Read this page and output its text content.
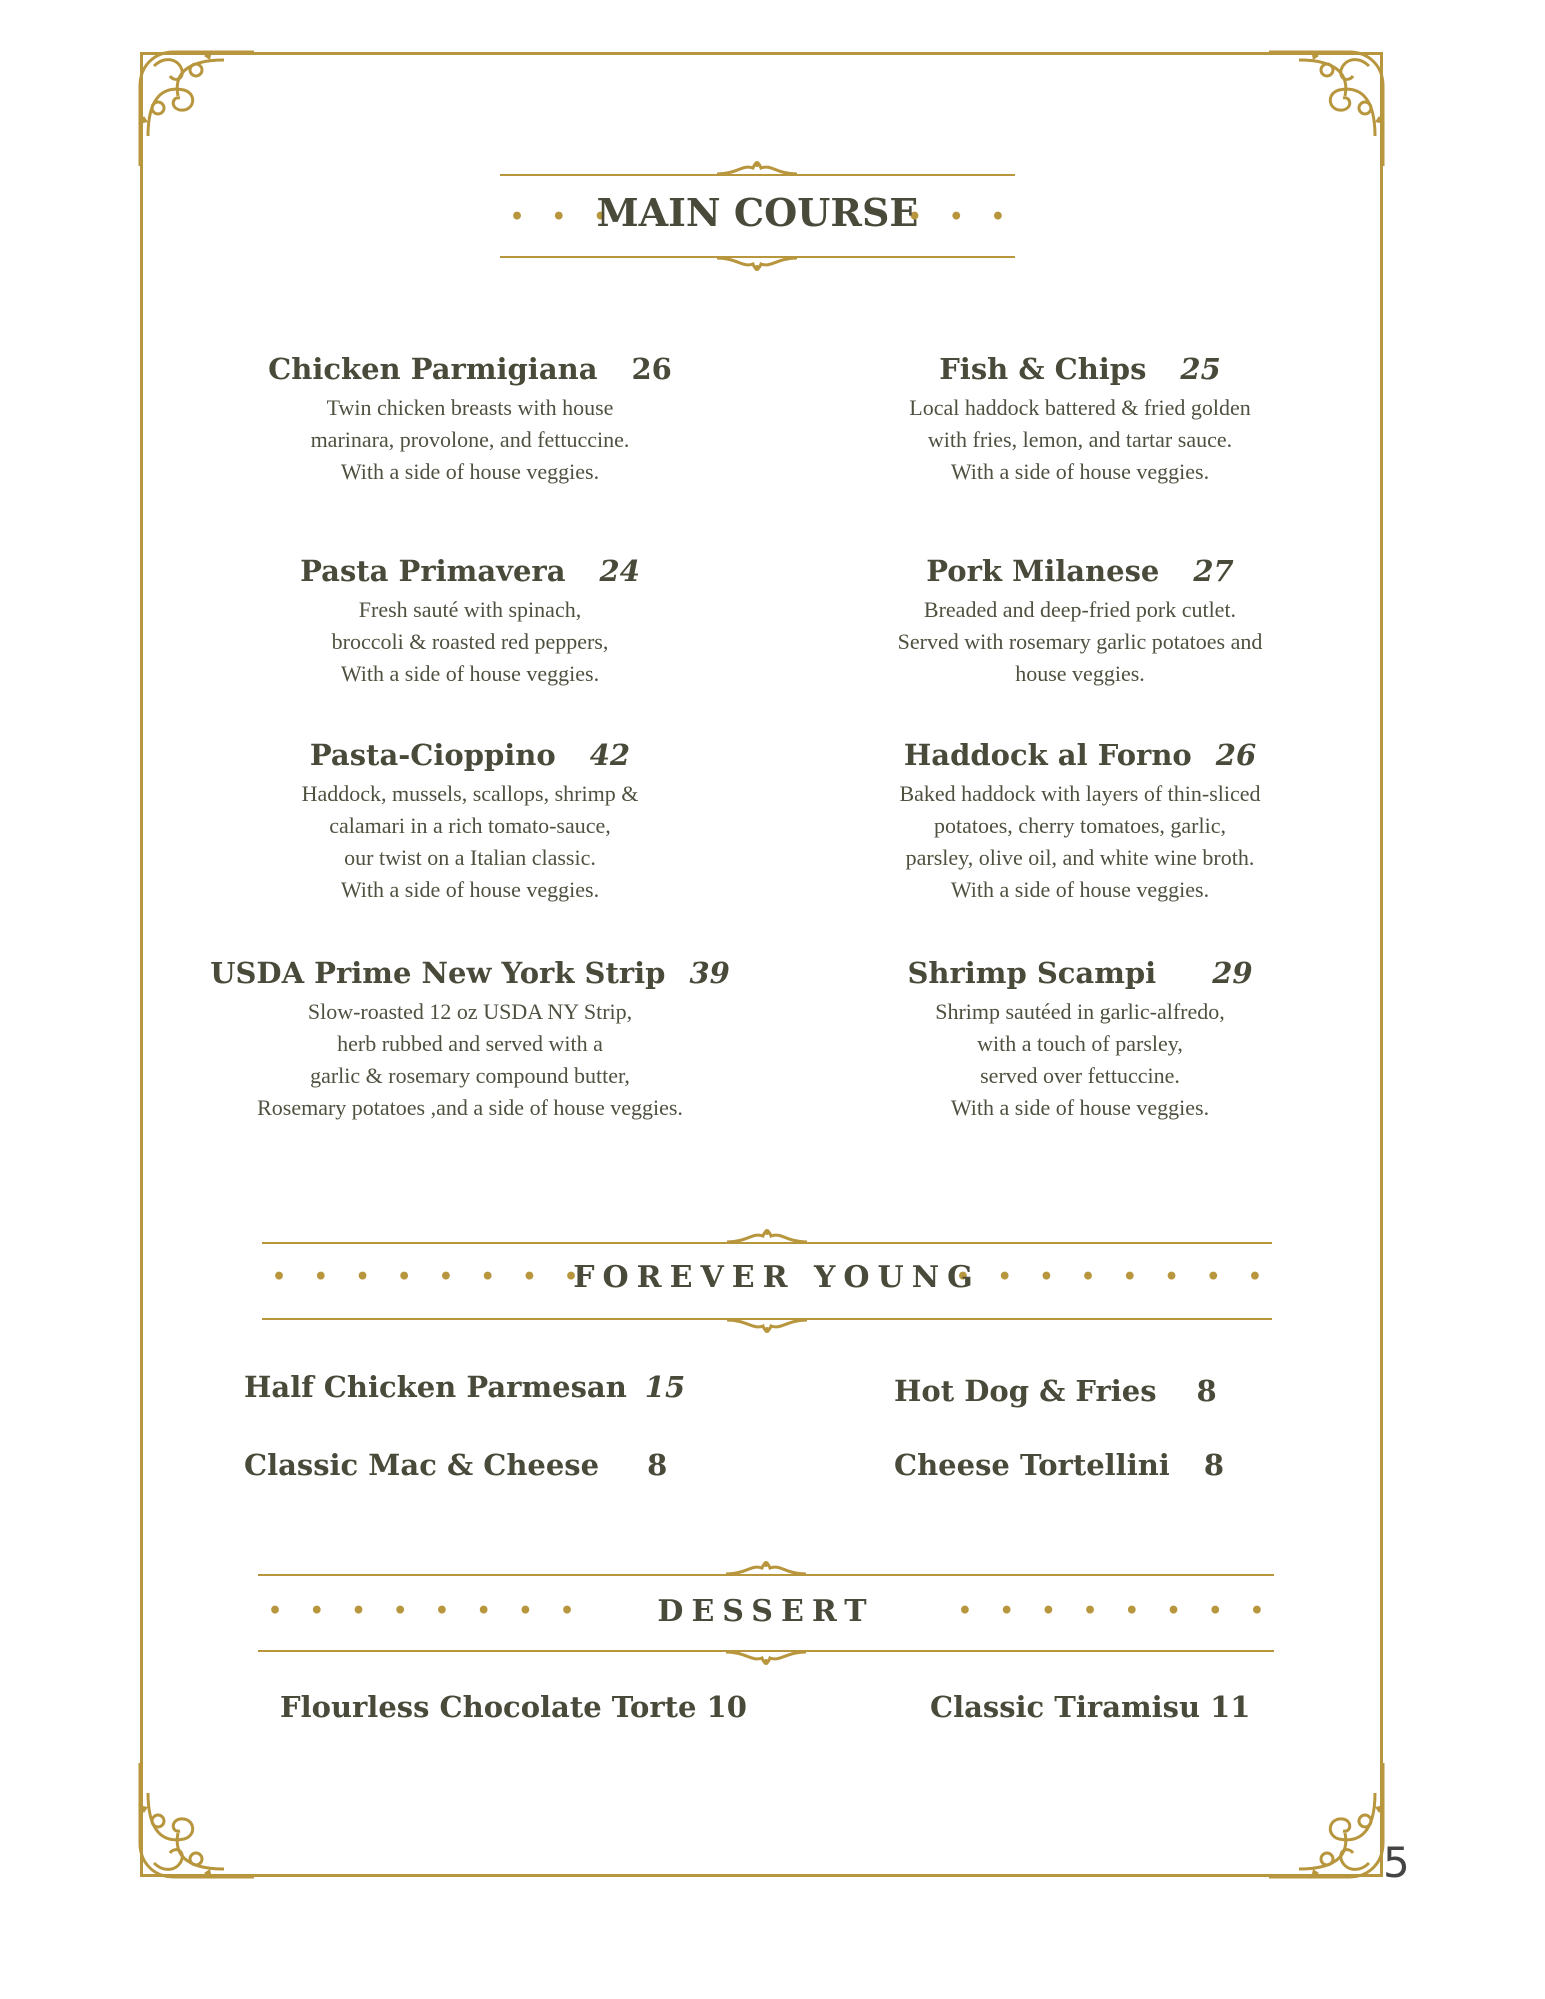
5
• • •	• • •
MAIN COURSE
Chicken Parmigiana 26
Twin chicken breasts with house
marinara, provolone, and fettuccine.
With a side of house veggies.
Fish & Chips 25
Local haddock battered & fried golden
with fries, lemon, and tartar sauce.
With a side of house veggies.
Pasta Primavera 24
Fresh sauté with spinach,
broccoli & roasted red peppers,
With a side of house veggies.
Pork Milanese 27
Breaded and deep-fried pork cutlet.
Served with rosemary garlic potatoes and
house veggies.
Pasta-Cioppino 42
Haddock, mussels, scallops, shrimp &
calamari in a rich tomato-sauce,
our twist on a Italian classic.
With a side of house veggies.
Haddock al Forno 26
Baked haddock with layers of thin-sliced
potatoes, cherry tomatoes, garlic,
parsley, olive oil, and white wine broth.
With a side of house veggies.
USDA Prime New York Strip 39
Slow-roasted 12 oz USDA NY Strip,
herb rubbed and served with a
garlic & rosemary compound butter,
Rosemary potatoes ,and a side of house veggies.
Shrimp Scampi 29
Shrimp sautéed in garlic-alfredo,
with a touch of parsley,
served over fettuccine.
With a side of house veggies.
• • • • • • • •	• • • • • • • •
FOREVER YOUNG
Half Chicken Parmesan 15	Hot Dog & Fries 8
Classic Mac & Cheese 8	Cheese Tortellini 8
• • • • • • • •	• • • • • • • •
DESSERT
Flourless Chocolate Torte 10	Classic Tiramisu 11
